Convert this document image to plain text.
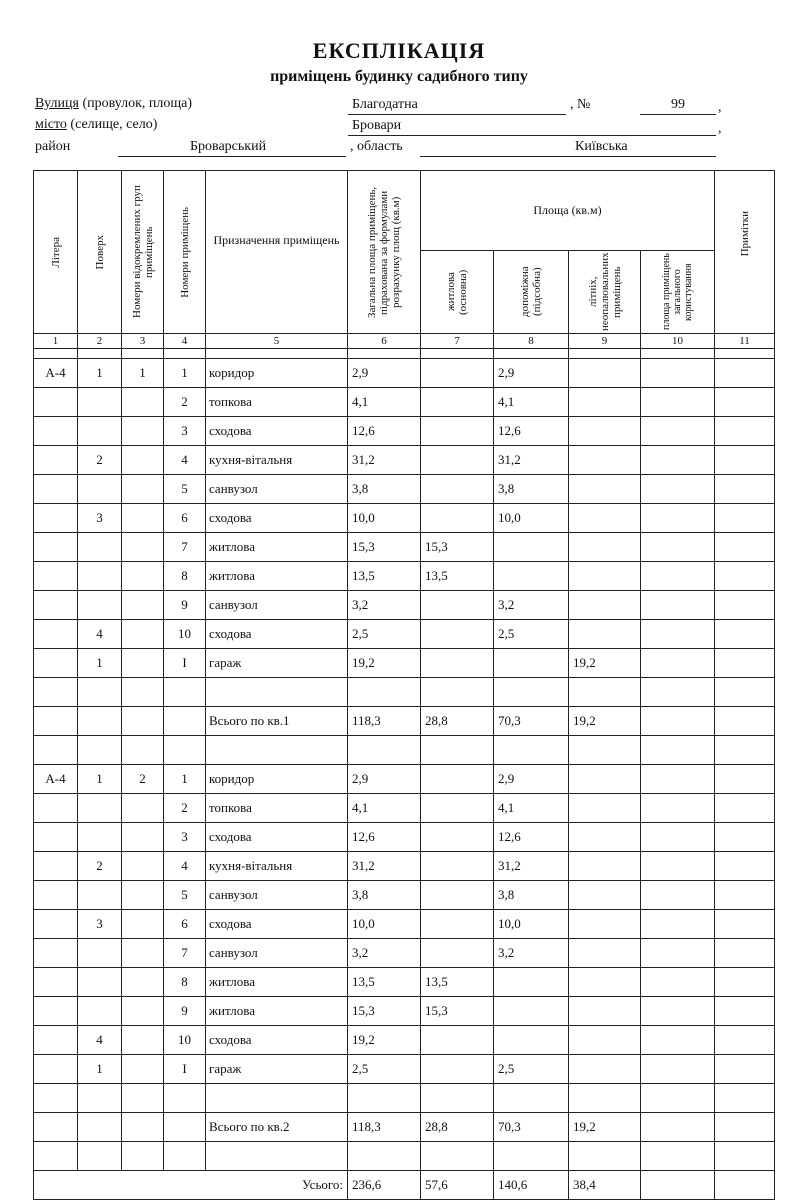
ЕКСПЛІКАЦІЯ
приміщень будинку садибного типу
Вулиця (провулок, площа)	Благодатна	, №	99 ,
місто (селище, село)	Бровари	,
район	Броварський	, область	Київська
Літера	Поверх	Номери відокремлених груп приміщень	Номери приміщень	Призначення приміщень	Загальна площа приміщень, підрахована за формулами розрахунку площ (кв.м)	Площа (кв.м)				Примітки

						житлова (основна)	допоміжна (підсобна)	літніх, неопалювальних приміщень	площа приміщень загального користування	

1	2	3	4	5	6	7	8	9	10	11

А-4	1	1	1	коридор	2,9		2,9			
			2	топкова	4,1		4,1			
			3	сходова	12,6		12,6			
	2		4	кухня-вітальня	31,2		31,2			
			5	санвузол	3,8		3,8			
	3		6	сходова	10,0		10,0			
			7	житлова	15,3	15,3				
			8	житлова	13,5	13,5				
			9	санвузол	3,2		3,2			
	4		10	сходова	2,5		2,5			
	1		І	гараж	19,2			19,2		

				Всього по кв.1	118,3	28,8	70,3	19,2		

А-4	1	2	1	коридор	2,9		2,9			
			2	топкова	4,1		4,1			
			3	сходова	12,6		12,6			
	2		4	кухня-вітальня	31,2		31,2			
			5	санвузол	3,8		3,8			
	3		6	сходова	10,0		10,0			
			7	санвузол	3,2		3,2			
			8	житлова	13,5	13,5				
			9	житлова	15,3	15,3				
	4		10	сходова	19,2					
	1		І	гараж	2,5		2,5			

				Всього по кв.2	118,3	28,8	70,3	19,2		

Усього:					236,6	57,6	140,6	38,4		
